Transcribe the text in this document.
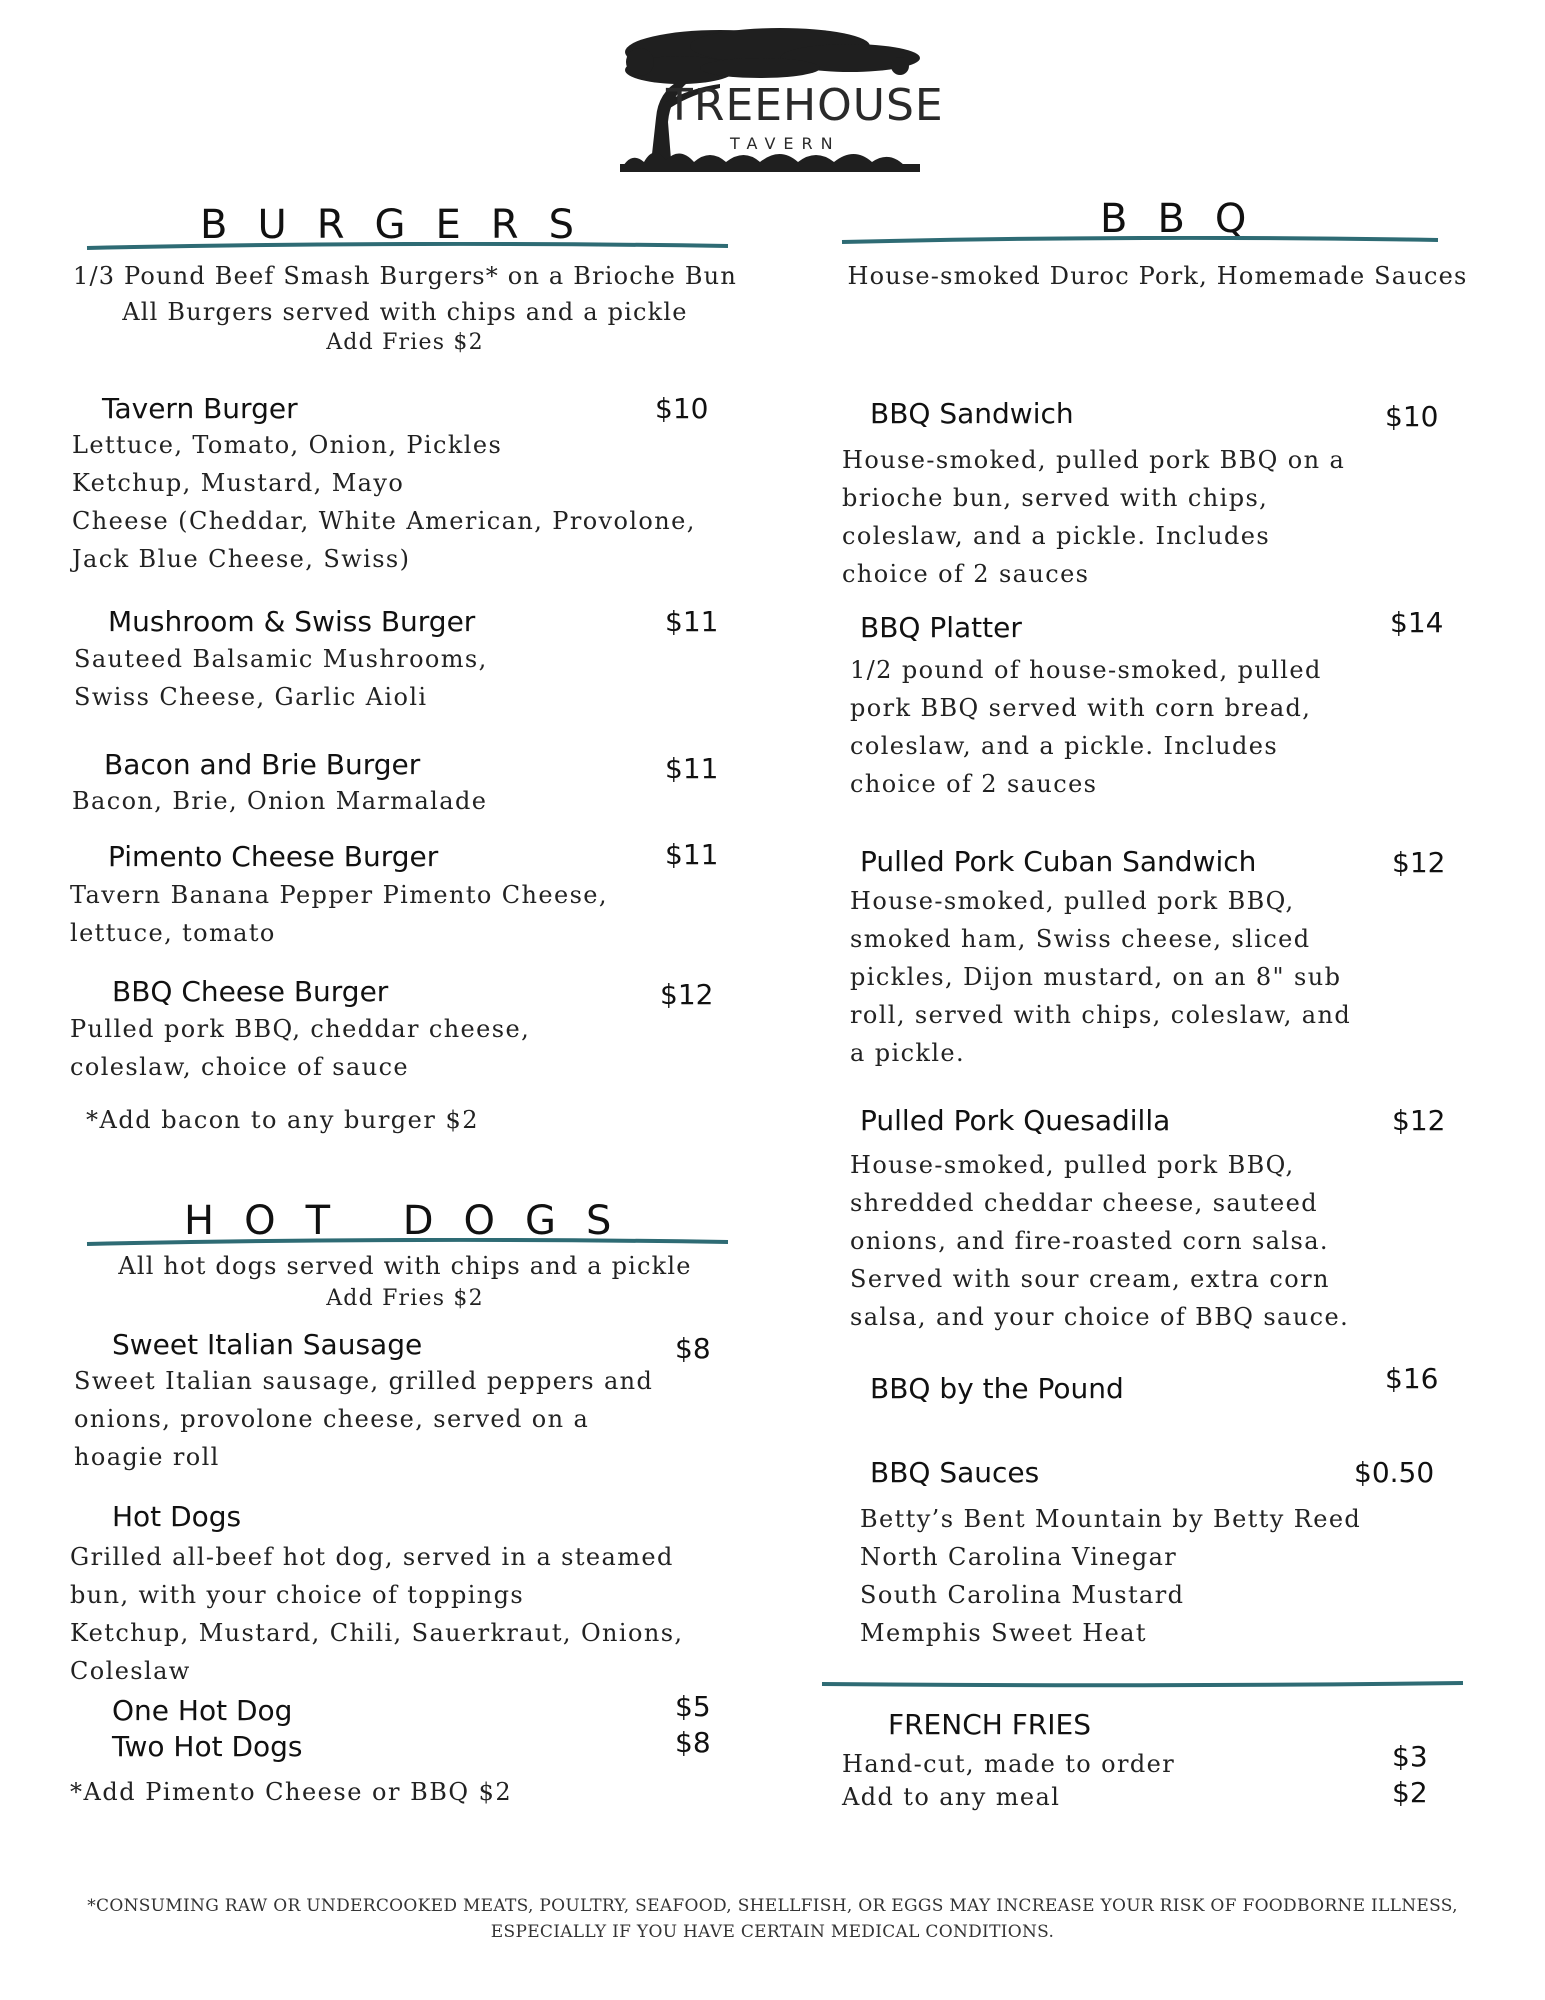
TREEHOUSE
TAVERN
BURGERS
1/3 Pound Beef Smash Burgers* on a Brioche Bun
All Burgers served with chips and a pickle
Add Fries $2
Tavern Burger	$10
Lettuce, Tomato, Onion, Pickles
Ketchup, Mustard, Mayo
Cheese (Cheddar, White American, Provolone,
Jack Blue Cheese, Swiss)
Mushroom & Swiss Burger	$11
Sauteed Balsamic Mushrooms,
Swiss Cheese, Garlic Aioli
Bacon and Brie Burger	$11
Bacon, Brie, Onion Marmalade
Pimento Cheese Burger	$11
Tavern Banana Pepper Pimento Cheese,
lettuce, tomato
BBQ Cheese Burger	$12
Pulled pork BBQ, cheddar cheese,
coleslaw, choice of sauce
*Add bacon to any burger $2
HOT DOGS
All hot dogs served with chips and a pickle
Add Fries $2
Sweet Italian Sausage	$8
Sweet Italian sausage, grilled peppers and
onions, provolone cheese, served on a
hoagie roll
Hot Dogs
Grilled all-beef hot dog, served in a steamed
bun, with your choice of toppings
Ketchup, Mustard, Chili, Sauerkraut, Onions,
Coleslaw
One Hot Dog	$5
Two Hot Dogs	$8
*Add Pimento Cheese or BBQ $2
BBQ
House-smoked Duroc Pork, Homemade Sauces
BBQ Sandwich	$10
House-smoked, pulled pork BBQ on a
brioche bun, served with chips,
coleslaw, and a pickle. Includes
choice of 2 sauces
BBQ Platter	$14
1/2 pound of house-smoked, pulled
pork BBQ served with corn bread,
coleslaw, and a pickle. Includes
choice of 2 sauces
Pulled Pork Cuban Sandwich	$12
House-smoked, pulled pork BBQ,
smoked ham, Swiss cheese, sliced
pickles, Dijon mustard, on an 8" sub
roll, served with chips, coleslaw, and
a pickle.
Pulled Pork Quesadilla	$12
House-smoked, pulled pork BBQ,
shredded cheddar cheese, sauteed
onions, and fire-roasted corn salsa.
Served with sour cream, extra corn
salsa, and your choice of BBQ sauce.
BBQ by the Pound	$16
BBQ Sauces	$0.50
Betty’s Bent Mountain by Betty Reed
North Carolina Vinegar
South Carolina Mustard
Memphis Sweet Heat
FRENCH FRIES
Hand-cut, made to order	$3
Add to any meal	$2
*CONSUMING RAW OR UNDERCOOKED MEATS, POULTRY, SEAFOOD, SHELLFISH, OR EGGS MAY INCREASE YOUR RISK OF FOODBORNE ILLNESS,
ESPECIALLY IF YOU HAVE CERTAIN MEDICAL CONDITIONS.
